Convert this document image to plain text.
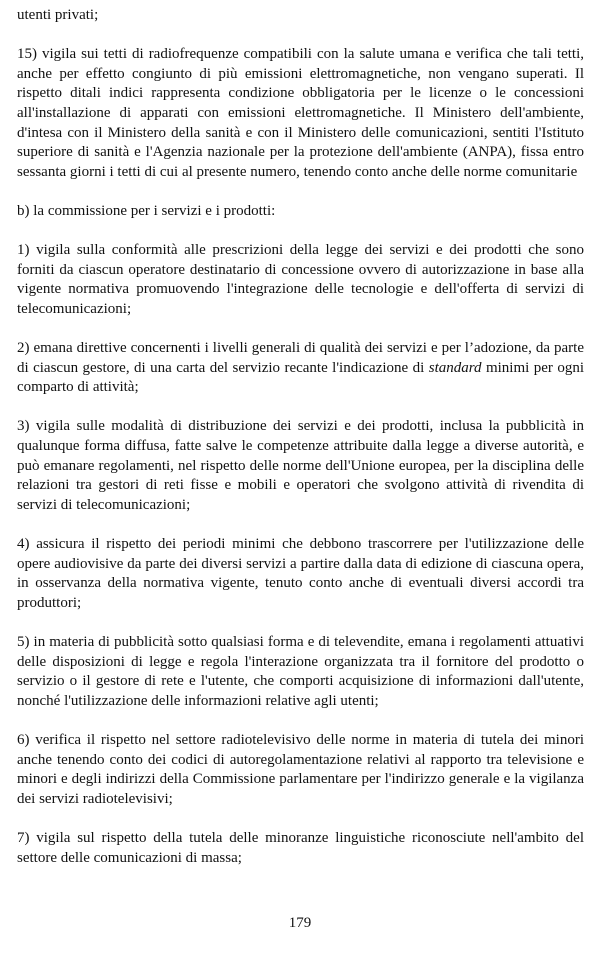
utenti privati;

15) vigila sui tetti di radiofrequenze compatibili con la salute umana e verifica che tali tetti, anche per effetto congiunto di più emissioni elettromagnetiche, non vengano superati. Il rispetto ditali indici rappresenta condizione obbligatoria per le licenze o le concessioni all'installazione di apparati con emissioni elettromagnetiche. Il Ministero dell'ambiente, d'intesa con il Ministero della sanità e con il Ministero delle comunicazioni, sentiti l'Istituto superiore di sanità e l'Agenzia nazionale per la protezione dell'ambiente (ANPA), fissa entro sessanta giorni i tetti di cui al presente numero, tenendo conto anche delle norme comunitarie

b) la commissione per i servizi e i prodotti:

1) vigila sulla conformità alle prescrizioni della legge dei servizi e dei prodotti che sono forniti da ciascun operatore destinatario di concessione ovvero di autorizzazione in base alla vigente normativa promuovendo l'integrazione delle tecnologie e dell'offerta di servizi di telecomunicazioni;

2) emana direttive concernenti i livelli generali di qualità dei servizi e per l’adozione, da parte di ciascun gestore, di una carta del servizio recante l'indicazione di standard minimi per ogni comparto di attività;

3) vigila sulle modalità di distribuzione dei servizi e dei prodotti, inclusa la pubblicità in qualunque forma diffusa, fatte salve le competenze attribuite dalla legge a diverse autorità, e può emanare regolamenti, nel rispetto delle norme dell'Unione europea, per la disciplina delle relazioni tra gestori di reti fisse e mobili e operatori che svolgono attività di rivendita di servizi di telecomunicazioni;

4) assicura il rispetto dei periodi minimi che debbono trascorrere per l'utilizzazione delle opere audiovisive da parte dei diversi servizi a partire dalla data di edizione di ciascuna opera, in osservanza della normativa vigente, tenuto conto anche di eventuali diversi accordi tra produttori;

5) in materia di pubblicità sotto qualsiasi forma e di televendite, emana i regolamenti attuativi delle disposizioni di legge e regola l'interazione organizzata tra il fornitore del prodotto o servizio o il gestore di rete e l'utente, che comporti acquisizione di informazioni dall'utente, nonché l'utilizzazione delle informazioni relative agli utenti;

6) verifica il rispetto nel settore radiotelevisivo delle norme in materia di tutela dei minori anche tenendo conto dei codici di autoregolamentazione relativi al rapporto tra televisione e minori e degli indirizzi della Commissione parlamentare per l'indirizzo generale e la vigilanza dei servizi radiotelevisivi;

7) vigila sul rispetto della tutela delle minoranze linguistiche riconosciute nell'ambito del settore delle comunicazioni di massa;

179
